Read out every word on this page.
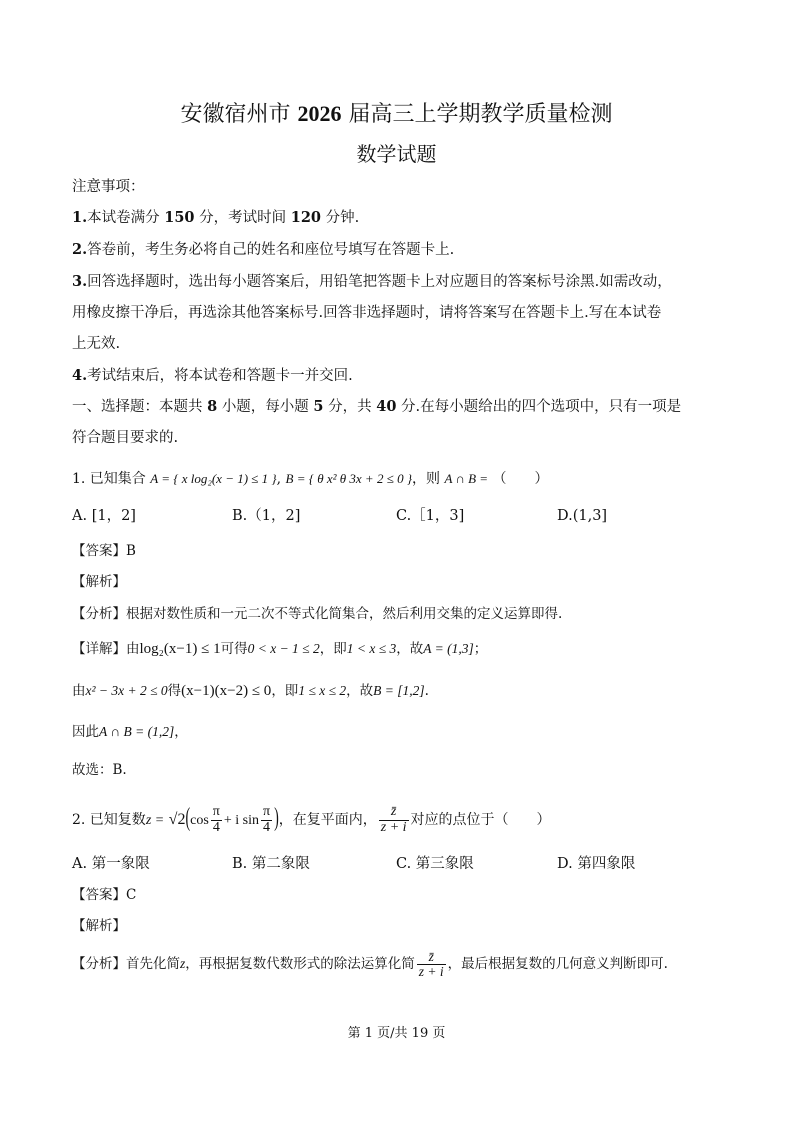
安徽宿州市 2026 届高三上学期教学质量检测
数学试题
注意事项：
1.本试卷满分 150 分，考试时间 120 分钟.
2.答卷前，考生务必将自己的姓名和座位号填写在答题卡上.
3.回答选择题时，选出每小题答案后，用铅笔把答题卡上对应题目的答案标号涂黑.如需改动，
用橡皮擦干净后，再选涂其他答案标号.回答非选择题时，请将答案写在答题卡上.写在本试卷
上无效.
4.考试结束后，将本试卷和答题卡一并交回.
一、选择题：本题共 8 小题，每小题 5 分，共 40 分.在每小题给出的四个选项中，只有一项是
符合题目要求的.
1. 已知集合 A = { x log₂(x − 1) ≤ 1 }, B = { θ x² θ 3x + 2 ≤ 0 }，则 A ∩ B = （　　）
A. [1，2]	B.（1，2]	C.［1，3]	D.(1,3]
【答案】B
【解析】
【分析】根据对数性质和一元二次不等式化简集合，然后利用交集的定义运算即得.
【详解】由log₂(x−1) ≤ 1可得0 < x − 1 ≤ 2，即1 < x ≤ 3，故A = (1,3]；
由x² − 3x + 2 ≤ 0得(x−1)(x−2) ≤ 0，即1 ≤ x ≤ 2，故B = [1,2].
因此A ∩ B = (1,2]，
故选：B.
2. 已知复数$z = √2(\cos \frac{\pi}{4} + i$ $\sin \frac{\pi}{4}$ )，在复平面内， $\frac{z̄}{z + i}$ 对应的点位于（　　）
A. 第一象限	B. 第二象限	C. 第三象限	D. 第四象限
【答案】C
【解析】
【分析】首先化简z，再根据复数代数形式的除法运算化简 $\frac{z̄}{z + i}$ ，最后根据复数的几何意义判断即可.
第 1 页/共 19 页
